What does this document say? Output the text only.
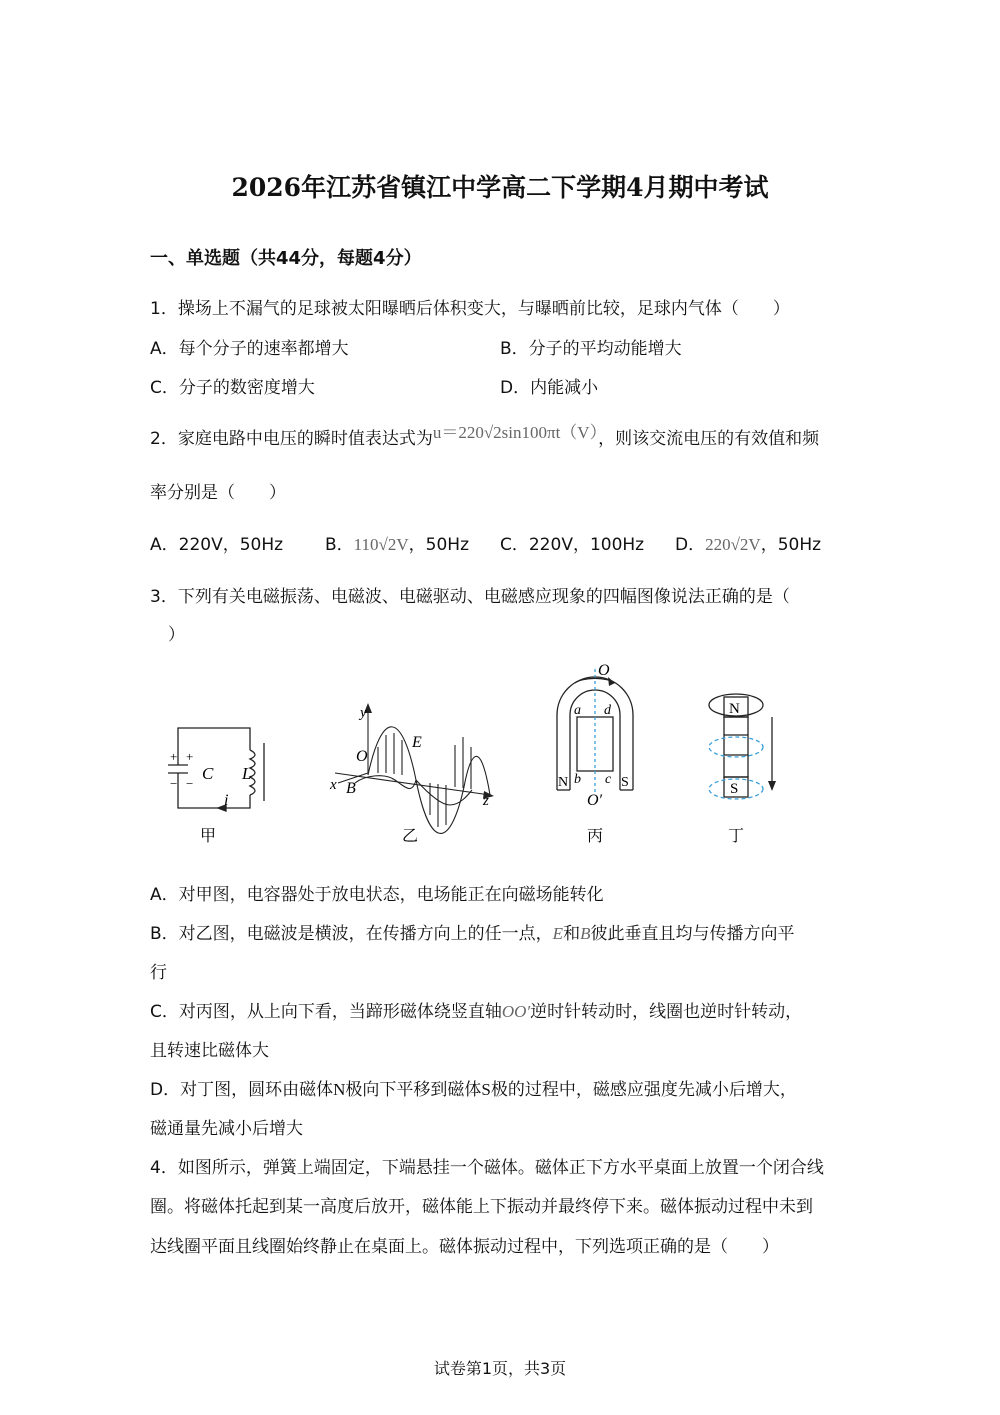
2026年江苏省镇江中学高二下学期4月期中考试
一、单选题（共44分，每题4分）
1．操场上不漏气的足球被太阳曝晒后体积变大，与曝晒前比较，足球内气体（　　）
A．每个分子的速率都增大	B．分子的平均动能增大
C．分子的数密度增大	D．内能减小
2．家庭电路中电压的瞬时值表达式为u＝220√2sin100πt（V），则该交流电压的有效值和频
率分别是（　　）
A．220V，50Hz B．110√2V，50Hz C．220V，100Hz D．220√2V，50Hz
3．下列有关电磁振荡、电磁波、电磁驱动、电磁感应现象的四幅图像说法正确的是（
）
+ +
− −
C L
i
y
O
E
x B
z
O
a d
b c
N	S
O′
N
S
甲	乙	丙	丁
A．对甲图，电容器处于放电状态，电场能正在向磁场能转化
B．对乙图，电磁波是横波，在传播方向上的任一点，E和B彼此垂直且均与传播方向平
行
C．对丙图，从上向下看，当蹄形磁体绕竖直轴OO′逆时针转动时，线圈也逆时针转动，
且转速比磁体大
D．对丁图，圆环由磁体N极向下平移到磁体S极的过程中，磁感应强度先减小后增大，
磁通量先减小后增大
4．如图所示，弹簧上端固定，下端悬挂一个磁体。磁体正下方水平桌面上放置一个闭合线
圈。将磁体托起到某一高度后放开，磁体能上下振动并最终停下来。磁体振动过程中未到
达线圈平面且线圈始终静止在桌面上。磁体振动过程中，下列选项正确的是（　　）
试卷第1页，共3页
